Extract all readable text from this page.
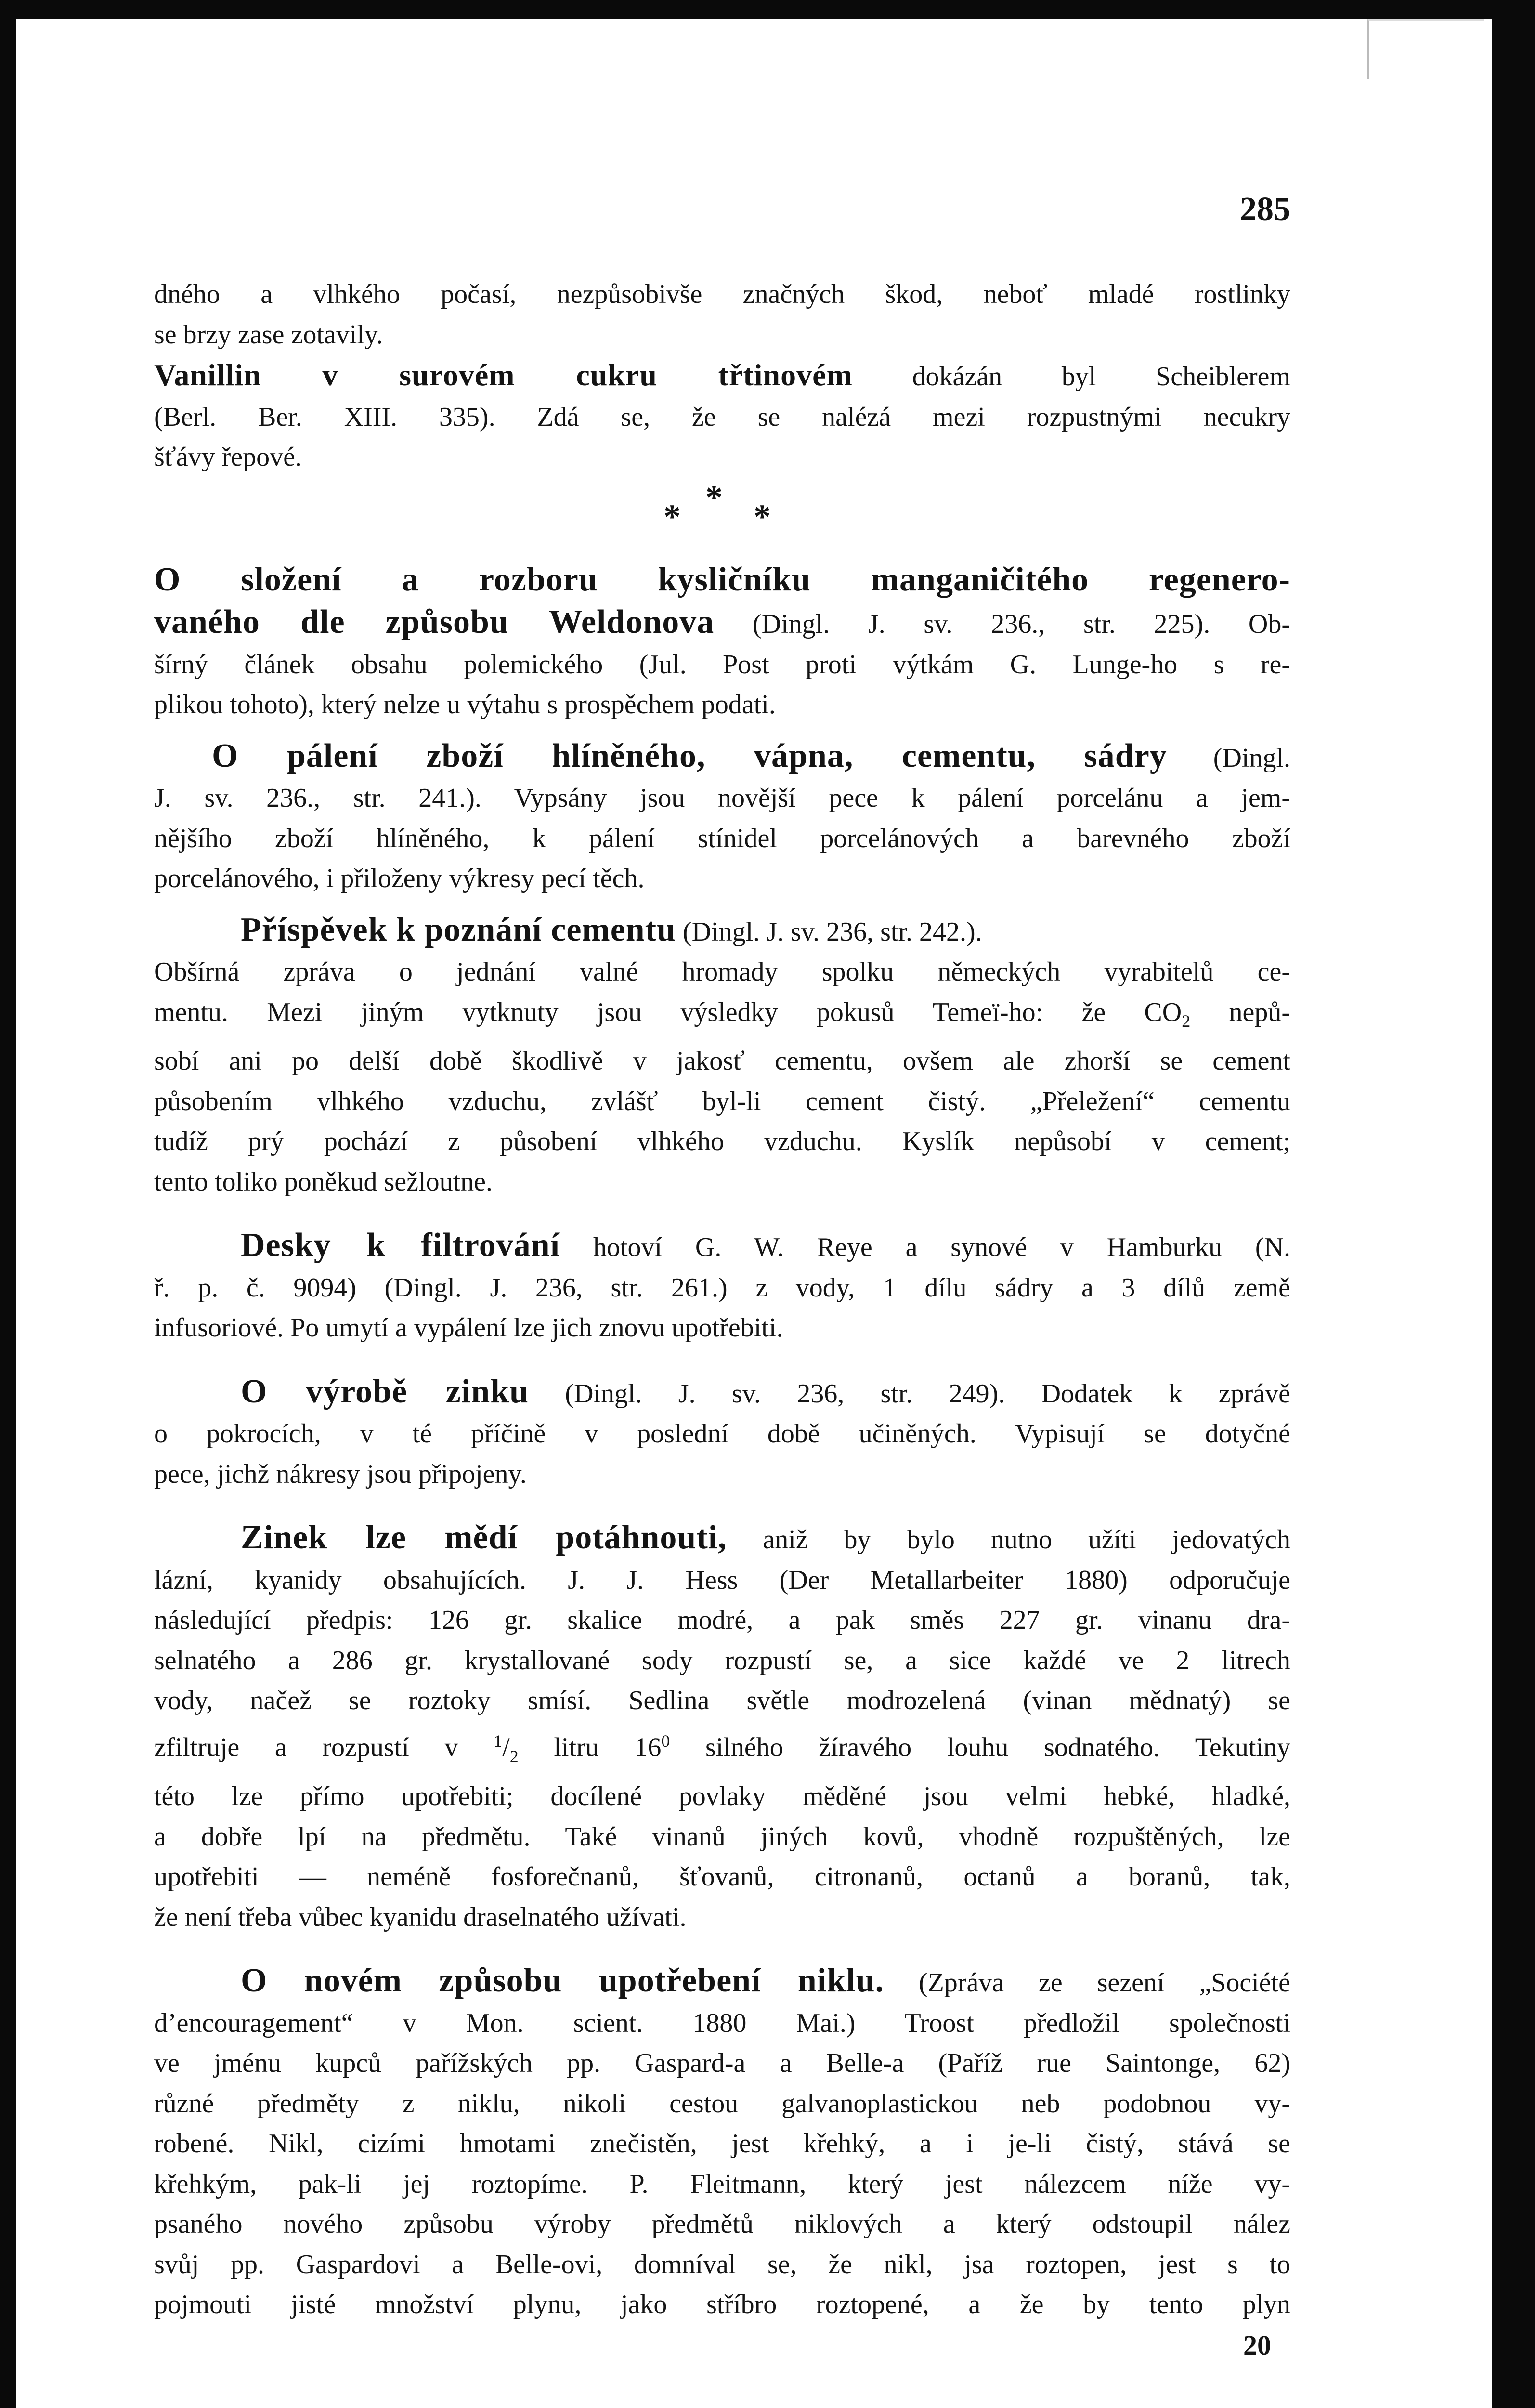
285
dného a vlhkého počasí, nezpůsobivše značných škod, neboť mladé rostlinky
se brzy zase zotavily.
Vanillin v surovém cukru třtinovém dokázán byl Scheiblerem
(Berl. Ber. XIII. 335). Zdá se, že se nalézá mezi rozpustnými necukry
šťávy řepové.
*
* *
O složení a rozboru kysličníku manganičitého regenero-
vaného dle způsobu Weldonova (Dingl. J. sv. 236., str. 225). Ob-
šírný článek obsahu polemického (Jul. Post proti výtkám G. Lunge-ho s re-
plikou tohoto), který nelze u výtahu s prospěchem podati.
O pálení zboží hlíněného, vápna, cementu, sádry (Dingl.
J. sv. 236., str. 241.). Vypsány jsou novější pece k pálení porcelánu a jem-
nějšího zboží hlíněného, k pálení stínidel porcelánových a barevného zboží
porcelánového, i přiloženy výkresy pecí těch.
Příspěvek k poznání cementu (Dingl. J. sv. 236, str. 242.).
Obšírná zpráva o jednání valné hromady spolku německých vyrabitelů ce-
mentu. Mezi jiným vytknuty jsou výsledky pokusů Temeï-ho: že $CO_2$ nepů-
sobí ani po delší době škodlivě v jakosť cementu, ovšem ale zhorší se cement
působením vlhkého vzduchu, zvlášť byl-li cement čistý. „Přeležení“ cementu
tudíž prý pochází z působení vlhkého vzduchu. Kyslík nepůsobí v cement;
tento toliko poněkud sežloutne.
Desky k filtrování hotoví G. W. Reye a synové v Hamburku (N.
ř. p. č. 9094) (Dingl. J. 236, str. 261.) z vody, 1 dílu sádry a 3 dílů země
infusoriové. Po umytí a vypálení lze jich znovu upotřebiti.
O výrobě zinku (Dingl. J. sv. 236, str. 249). Dodatek k zprávě
o pokrocích, v té příčině v poslední době učiněných. Vypisují se dotyčné
pece, jichž nákresy jsou připojeny.
Zinek lze mědí potáhnouti, aniž by bylo nutno užíti jedovatých
lázní, kyanidy obsahujících. J. J. Hess (Der Metallarbeiter 1880) odporučuje
následující předpis: 126 gr. skalice modré, a pak směs 227 gr. vinanu dra-
selnatého a 286 gr. krystallované sody rozpustí se, a sice každé ve 2 litrech
vody, načež se roztoky smísí. Sedlina světle modrozelená (vinan mědnatý) se
zfiltruje a rozpustí v $^1/_2$ litru $16^0$ silného žíravého louhu sodnatého. Tekutiny
této lze přímo upotřebiti; docílené povlaky měděné jsou velmi hebké, hladké,
a dobře lpí na předmětu. Také vinanů jiných kovů, vhodně rozpuštěných, lze
upotřebiti — neméně fosforečnanů, šťovanů, citronanů, octanů a boranů, tak,
že není třeba vůbec kyanidu draselnatého užívati.
O novém způsobu upotřebení niklu. (Zpráva ze sezení „Société
d’encouragement“ v Mon. scient. 1880 Mai.) Troost předložil společnosti
ve jménu kupců pařížských pp. Gaspard-a a Belle-a (Paříž rue Saintonge, 62)
různé předměty z niklu, nikoli cestou galvanoplastickou neb podobnou vy-
robené. Nikl, cizími hmotami znečistěn, jest křehký, a i je-li čistý, stává se
křehkým, pak-li jej roztopíme. P. Fleitmann, který jest nálezcem níže vy-
psaného nového způsobu výroby předmětů niklových a který odstoupil nález
svůj pp. Gaspardovi a Belle-ovi, domníval se, že nikl, jsa roztopen, jest s to
pojmouti jisté množství plynu, jako stříbro roztopené, a že by tento plyn
20
